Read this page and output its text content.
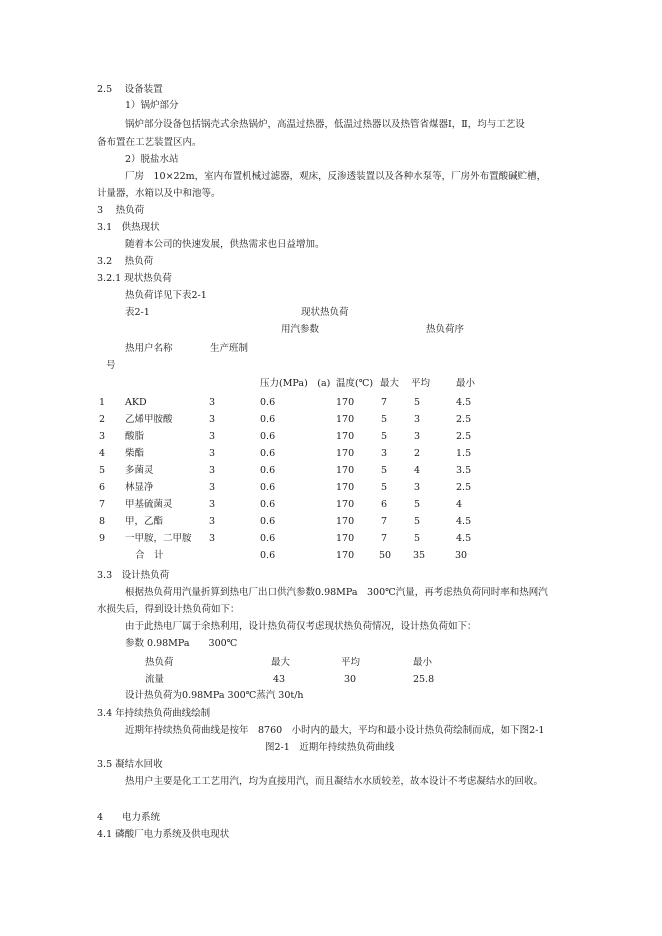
2.5　 设备装置
1）锅炉部分
锅炉部分设备包括锅壳式余热锅炉，高温过热器，低温过热器以及热管省煤器Ⅰ，Ⅱ，均与工艺设
备布置在工艺装置区内。
2）脱盐水站
厂房　10×22m，室内布置机械过滤器，观床，反渗透装置以及各种水泵等，厂房外布置酸碱贮槽，
计量器，水箱以及中和池等。
3　 热负荷
3.1　供热现状
随着本公司的快速发展，供热需求也日益增加。
3.2　 热负荷
3.2.1 现状热负荷
热负荷详见下表2-1
表2-1	现状热负荷
用汽参数	热负荷序
热用户名称	生产班制
号
压力(MPa)　(a) 温度(℃) 最大 平均	最小
1 AKD	3	0.6	170	7	5	4.5
2 乙烯甲胺酸	3	0.6	170	5	3	2.5
3 酸脂	3	0.6	170	5	3	2.5
4 柴酯	3	0.6	170	3	2	1.5
5 多菌灵	3	0.6	170	5	4	3.5
6 林显净	3	0.6	170	5	3	2.5
7 甲基硫菌灵	3	0.6	170	6	5	4
8 甲，乙酯	3	0.6	170	7	5	4.5
9 一甲胺，二甲胺 3	0.6	170	7	5	4.5
合　计	0.6	170	50 35	30
3.3　设计热负荷
根据热负荷用汽量折算到热电厂出口供汽参数0.98MPa　300℃汽量，再考虑热负荷同时率和热网汽
水损失后，得到设计热负荷如下：
由于此热电厂属于余热利用，设计热负荷仅考虑现状热负荷情况，设计热负荷如下：
参数 0.98MPa　　300℃
热负荷	最大	平均	最小
流量	43	30	25.8
设计热负荷为0.98MPa 300℃蒸汽 30t/h
3.4 年持续热负荷曲线绘制
近期年持续热负荷曲线是按年　8760　小时内的最大，平均和最小设计热负荷绘制而成，如下图2-1
图2-1　近期年持续热负荷曲线
3.5 凝结水回收
热用户主要是化工工艺用汽，均为直接用汽，而且凝结水水质较差，故本设计不考虑凝结水的回收。
4　　电力系统
4.1 磷酸厂电力系统及供电现状
